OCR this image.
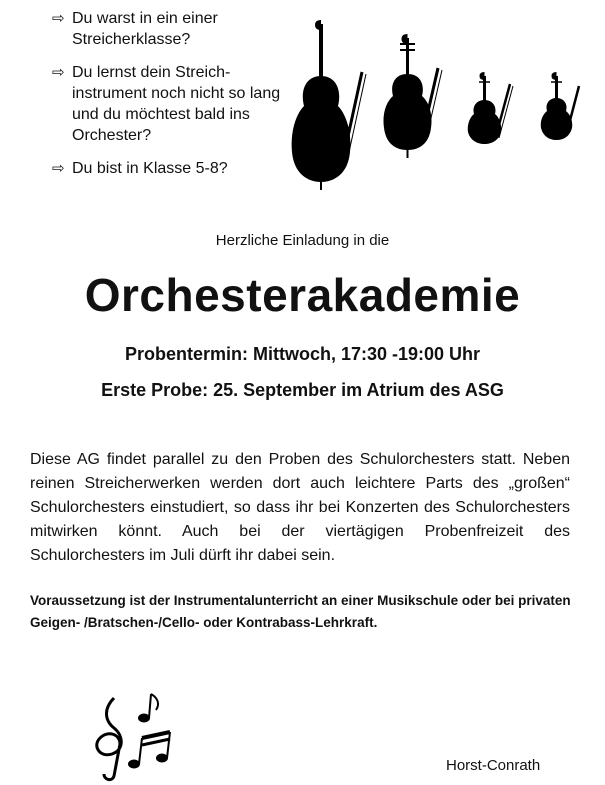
⇨ Du warst in ein einer Streicherklasse?
⇨ Du lernst dein Streich-instrument noch nicht so lang und du möchtest bald ins Orchester?
⇨ Du bist in Klasse 5-8?
Herzliche Einladung in die
Orchesterakademie
Probentermin: Mittwoch, 17:30 -19:00 Uhr
Erste Probe: 25. September im Atrium des ASG
Diese AG findet parallel zu den Proben des Schulorchesters statt. Neben reinen Streicherwerken werden dort auch leichtere Parts des „großen“ Schulorchesters einstudiert, so dass ihr bei Konzerten des Schulorchesters mitwirken könnt. Auch bei der viertägigen Probenfreizeit des Schulorchesters im Juli dürft ihr dabei sein.
Voraussetzung ist der Instrumentalunterricht an einer Musikschule oder bei privaten Geigen- /Bratschen-/Cello- oder Kontrabass-Lehrkraft.
Horst-Conrath
